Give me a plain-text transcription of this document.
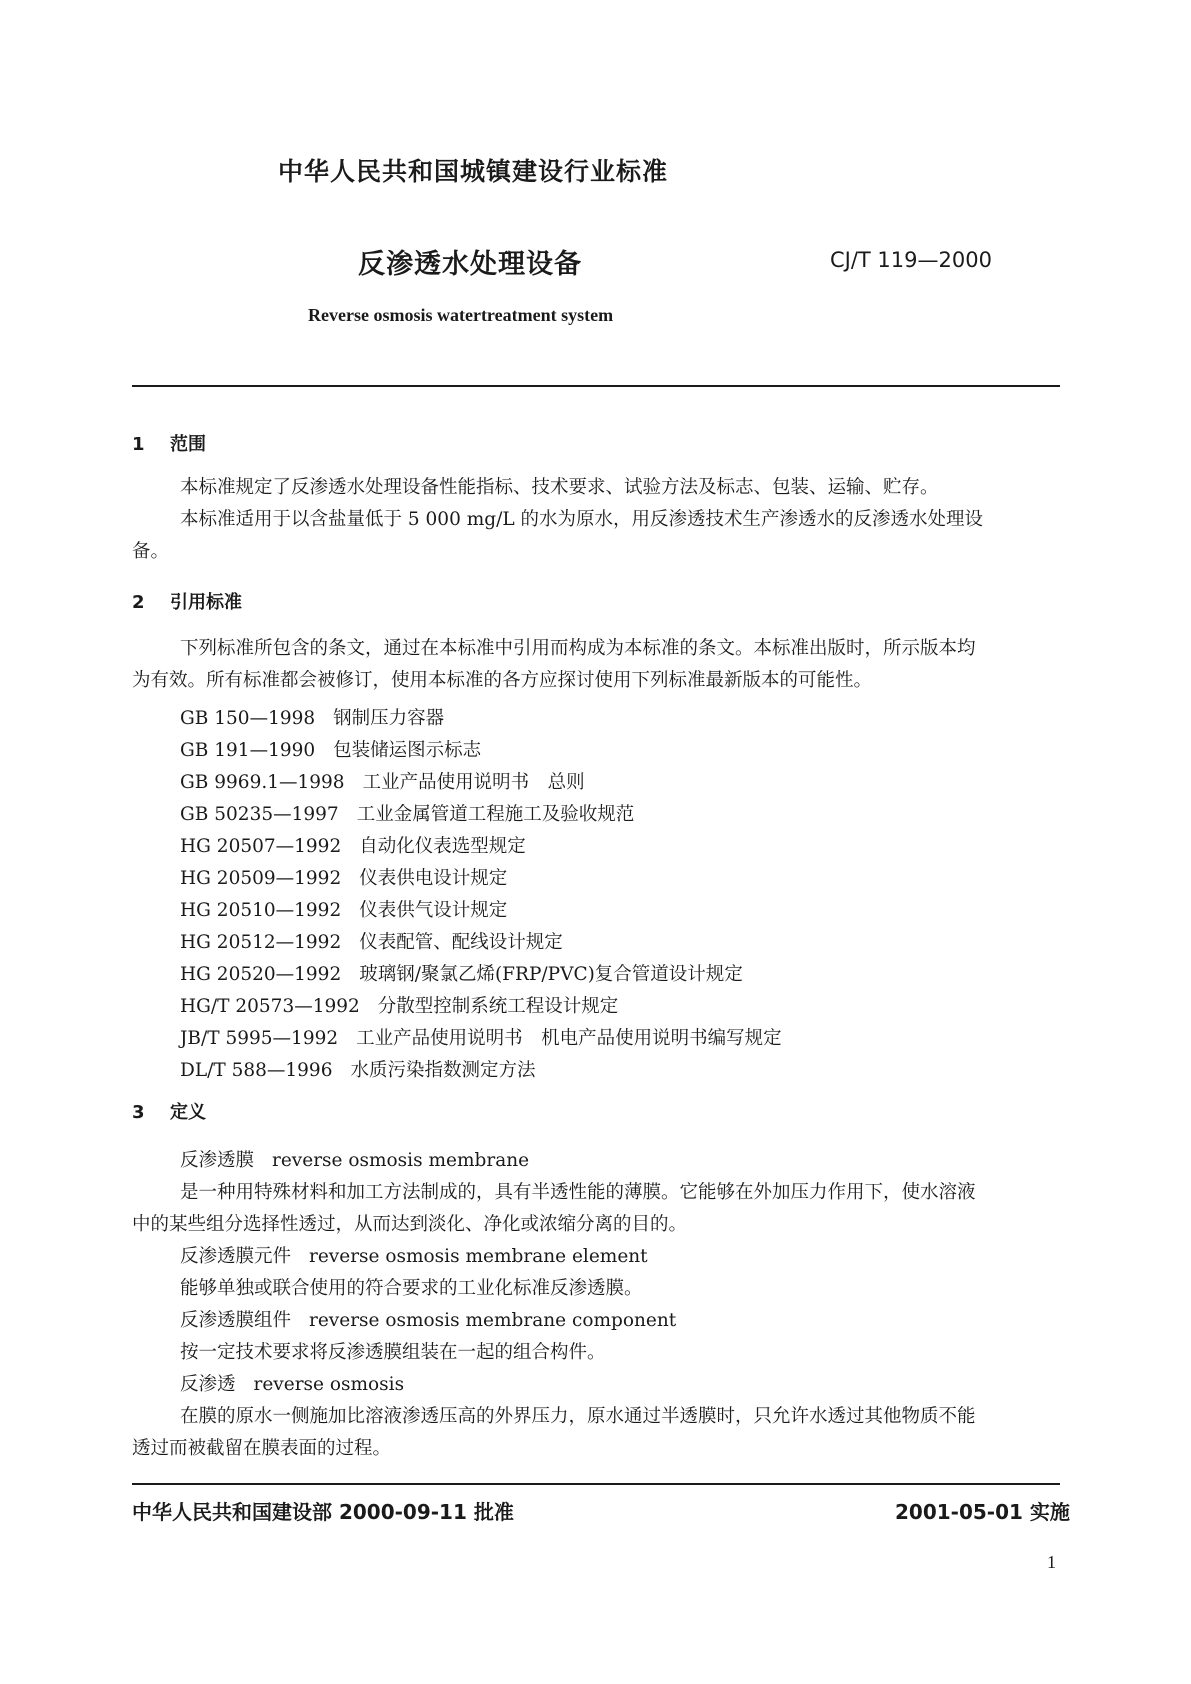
中华人民共和国城镇建设行业标准
反渗透水处理设备	CJ/T 119—2000
Reverse osmosis watertreatment system
1 范围
本标准规定了反渗透水处理设备性能指标、技术要求、试验方法及标志、包装、运输、贮存。
本标准适用于以含盐量低于 5 000 mg/L 的水为原水，用反渗透技术生产渗透水的反渗透水处理设
备。
2 引用标准
下列标准所包含的条文，通过在本标准中引用而构成为本标准的条文。本标准出版时，所示版本均
为有效。所有标准都会被修订，使用本标准的各方应探讨使用下列标准最新版本的可能性。
GB 150—1998 钢制压力容器
GB 191—1990 包装储运图示标志
GB 9969.1—1998 工业产品使用说明书　总则
GB 50235—1997 工业金属管道工程施工及验收规范
HG 20507—1992 自动化仪表选型规定
HG 20509—1992 仪表供电设计规定
HG 20510—1992 仪表供气设计规定
HG 20512—1992 仪表配管、配线设计规定
HG 20520—1992 玻璃钢/聚氯乙烯(FRP/PVC)复合管道设计规定
HG/T 20573—1992 分散型控制系统工程设计规定
JB/T 5995—1992 工业产品使用说明书　机电产品使用说明书编写规定
DL/T 588—1996 水质污染指数测定方法
3 定义
反渗透膜 reverse osmosis membrane
是一种用特殊材料和加工方法制成的，具有半透性能的薄膜。它能够在外加压力作用下，使水溶液
中的某些组分选择性透过，从而达到淡化、净化或浓缩分离的目的。
反渗透膜元件 reverse osmosis membrane element
能够单独或联合使用的符合要求的工业化标准反渗透膜。
反渗透膜组件 reverse osmosis membrane component
按一定技术要求将反渗透膜组装在一起的组合构件。
反渗透 reverse osmosis
在膜的原水一侧施加比溶液渗透压高的外界压力，原水通过半透膜时，只允许水透过其他物质不能
透过而被截留在膜表面的过程。
中华人民共和国建设部 2000-09-11 批准	2001-05-01 实施
1
